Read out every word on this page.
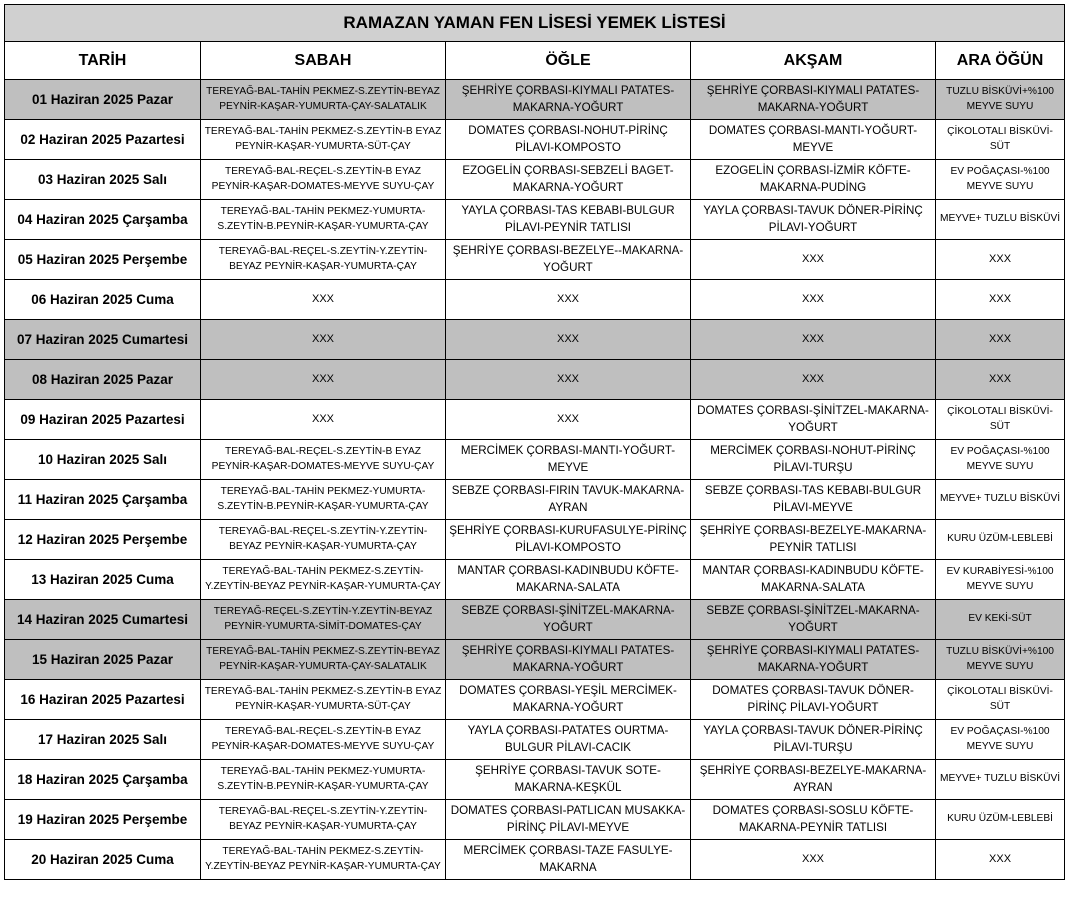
RAMAZAN YAMAN FEN LİSESİ YEMEK LİSTESİ				
TARİH	SABAH	ÖĞLE	AKŞAM	ARA ÖĞÜN
01 Haziran 2025 Pazar	TEREYAĞ-BAL-TAHİN PEKMEZ-S.ZEYTİN-BEYAZ PEYNİR-KAŞAR-YUMURTA-ÇAY-SALATALIK	ŞEHRİYE ÇORBASI-KIYMALI PATATES-MAKARNA-YOĞURT	ŞEHRİYE ÇORBASI-KIYMALI PATATES-MAKARNA-YOĞURT	TUZLU BİSKÜVİ+%100 MEYVE SUYU
02 Haziran 2025 Pazartesi	TEREYAĞ-BAL-TAHİN PEKMEZ-S.ZEYTİN-B EYAZ PEYNİR-KAŞAR-YUMURTA-SÜT-ÇAY	DOMATES ÇORBASI-NOHUT-PİRİNÇ PİLAVI-KOMPOSTO	DOMATES ÇORBASI-MANTI-YOĞURT-MEYVE	ÇİKOLOTALI BİSKÜVİ-SÜT
03 Haziran 2025 Salı	TEREYAĞ-BAL-REÇEL-S.ZEYTİN-B EYAZ PEYNİR-KAŞAR-DOMATES-MEYVE SUYU-ÇAY	EZOGELİN ÇORBASI-SEBZELİ BAGET-MAKARNA-YOĞURT	EZOGELİN ÇORBASI-İZMİR KÖFTE-MAKARNA-PUDİNG	EV POĞAÇASI-%100 MEYVE SUYU
04 Haziran 2025 Çarşamba	TEREYAĞ-BAL-TAHİN PEKMEZ-YUMURTA-S.ZEYTİN-B.PEYNİR-KAŞAR-YUMURTA-ÇAY	YAYLA ÇORBASI-TAS KEBABI-BULGUR PİLAVI-PEYNİR TATLISI	YAYLA ÇORBASI-TAVUK DÖNER-PİRİNÇ PİLAVI-YOĞURT	MEYVE+ TUZLU BİSKÜVİ
05 Haziran 2025 Perşembe	TEREYAĞ-BAL-REÇEL-S.ZEYTİN-Y.ZEYTİN-BEYAZ PEYNİR-KAŞAR-YUMURTA-ÇAY	ŞEHRİYE ÇORBASI-BEZELYE--MAKARNA-YOĞURT	XXX	XXX
06 Haziran 2025 Cuma	XXX	XXX	XXX	XXX
07 Haziran 2025 Cumartesi	XXX	XXX	XXX	XXX
08 Haziran 2025 Pazar	XXX	XXX	XXX	XXX
09 Haziran 2025 Pazartesi	XXX	XXX	DOMATES ÇORBASI-ŞİNİTZEL-MAKARNA-YOĞURT	ÇİKOLOTALI BİSKÜVİ-SÜT
10 Haziran 2025 Salı	TEREYAĞ-BAL-REÇEL-S.ZEYTİN-B EYAZ PEYNİR-KAŞAR-DOMATES-MEYVE SUYU-ÇAY	MERCİMEK ÇORBASI-MANTI-YOĞURT-MEYVE	MERCİMEK ÇORBASI-NOHUT-PİRİNÇ PİLAVI-TURŞU	EV POĞAÇASI-%100 MEYVE SUYU
11 Haziran 2025 Çarşamba	TEREYAĞ-BAL-TAHİN PEKMEZ-YUMURTA-S.ZEYTİN-B.PEYNİR-KAŞAR-YUMURTA-ÇAY	SEBZE ÇORBASI-FIRIN TAVUK-MAKARNA-AYRAN	SEBZE ÇORBASI-TAS KEBABI-BULGUR PİLAVI-MEYVE	MEYVE+ TUZLU BİSKÜVİ
12 Haziran 2025 Perşembe	TEREYAĞ-BAL-REÇEL-S.ZEYTİN-Y.ZEYTİN-BEYAZ PEYNİR-KAŞAR-YUMURTA-ÇAY	ŞEHRİYE ÇORBASI-KURUFASULYE-PİRİNÇ PİLAVI-KOMPOSTO	ŞEHRİYE ÇORBASI-BEZELYE-MAKARNA-PEYNİR TATLISI	KURU ÜZÜM-LEBLEBİ
13 Haziran 2025 Cuma	TEREYAĞ-BAL-TAHİN PEKMEZ-S.ZEYTİN-Y.ZEYTİN-BEYAZ PEYNİR-KAŞAR-YUMURTA-ÇAY	MANTAR ÇORBASI-KADINBUDU KÖFTE-MAKARNA-SALATA	MANTAR ÇORBASI-KADINBUDU KÖFTE-MAKARNA-SALATA	EV KURABİYESİ-%100 MEYVE SUYU
14 Haziran 2025 Cumartesi	TEREYAĞ-REÇEL-S.ZEYTİN-Y.ZEYTİN-BEYAZ PEYNİR-YUMURTA-SİMİT-DOMATES-ÇAY	SEBZE ÇORBASI-ŞİNİTZEL-MAKARNA-YOĞURT	SEBZE ÇORBASI-ŞİNİTZEL-MAKARNA-YOĞURT	EV KEKİ-SÜT
15 Haziran 2025 Pazar	TEREYAĞ-BAL-TAHİN PEKMEZ-S.ZEYTİN-BEYAZ PEYNİR-KAŞAR-YUMURTA-ÇAY-SALATALIK	ŞEHRİYE ÇORBASI-KIYMALI PATATES-MAKARNA-YOĞURT	ŞEHRİYE ÇORBASI-KIYMALI PATATES-MAKARNA-YOĞURT	TUZLU BİSKÜVİ+%100 MEYVE SUYU
16 Haziran 2025 Pazartesi	TEREYAĞ-BAL-TAHİN PEKMEZ-S.ZEYTİN-B EYAZ PEYNİR-KAŞAR-YUMURTA-SÜT-ÇAY	DOMATES ÇORBASI-YEŞİL MERCİMEK-MAKARNA-YOĞURT	DOMATES ÇORBASI-TAVUK DÖNER-PİRİNÇ PİLAVI-YOĞURT	ÇİKOLOTALI BİSKÜVİ-SÜT
17 Haziran 2025 Salı	TEREYAĞ-BAL-REÇEL-S.ZEYTİN-B EYAZ PEYNİR-KAŞAR-DOMATES-MEYVE SUYU-ÇAY	YAYLA ÇORBASI-PATATES OURTMA-BULGUR PİLAVI-CACIK	YAYLA ÇORBASI-TAVUK DÖNER-PİRİNÇ PİLAVI-TURŞU	EV POĞAÇASI-%100 MEYVE SUYU
18 Haziran 2025 Çarşamba	TEREYAĞ-BAL-TAHİN PEKMEZ-YUMURTA-S.ZEYTİN-B.PEYNİR-KAŞAR-YUMURTA-ÇAY	ŞEHRİYE ÇORBASI-TAVUK SOTE-MAKARNA-KEŞKÜL	ŞEHRİYE ÇORBASI-BEZELYE-MAKARNA-AYRAN	MEYVE+ TUZLU BİSKÜVİ
19 Haziran 2025 Perşembe	TEREYAĞ-BAL-REÇEL-S.ZEYTİN-Y.ZEYTİN-BEYAZ PEYNİR-KAŞAR-YUMURTA-ÇAY	DOMATES ÇORBASI-PATLICAN MUSAKKA-PİRİNÇ PİLAVI-MEYVE	DOMATES ÇORBASI-SOSLU KÖFTE-MAKARNA-PEYNİR TATLISI	KURU ÜZÜM-LEBLEBİ
20 Haziran 2025 Cuma	TEREYAĞ-BAL-TAHİN PEKMEZ-S.ZEYTİN-Y.ZEYTİN-BEYAZ PEYNİR-KAŞAR-YUMURTA-ÇAY	MERCİMEK ÇORBASI-TAZE FASULYE-MAKARNA	XXX	XXX
